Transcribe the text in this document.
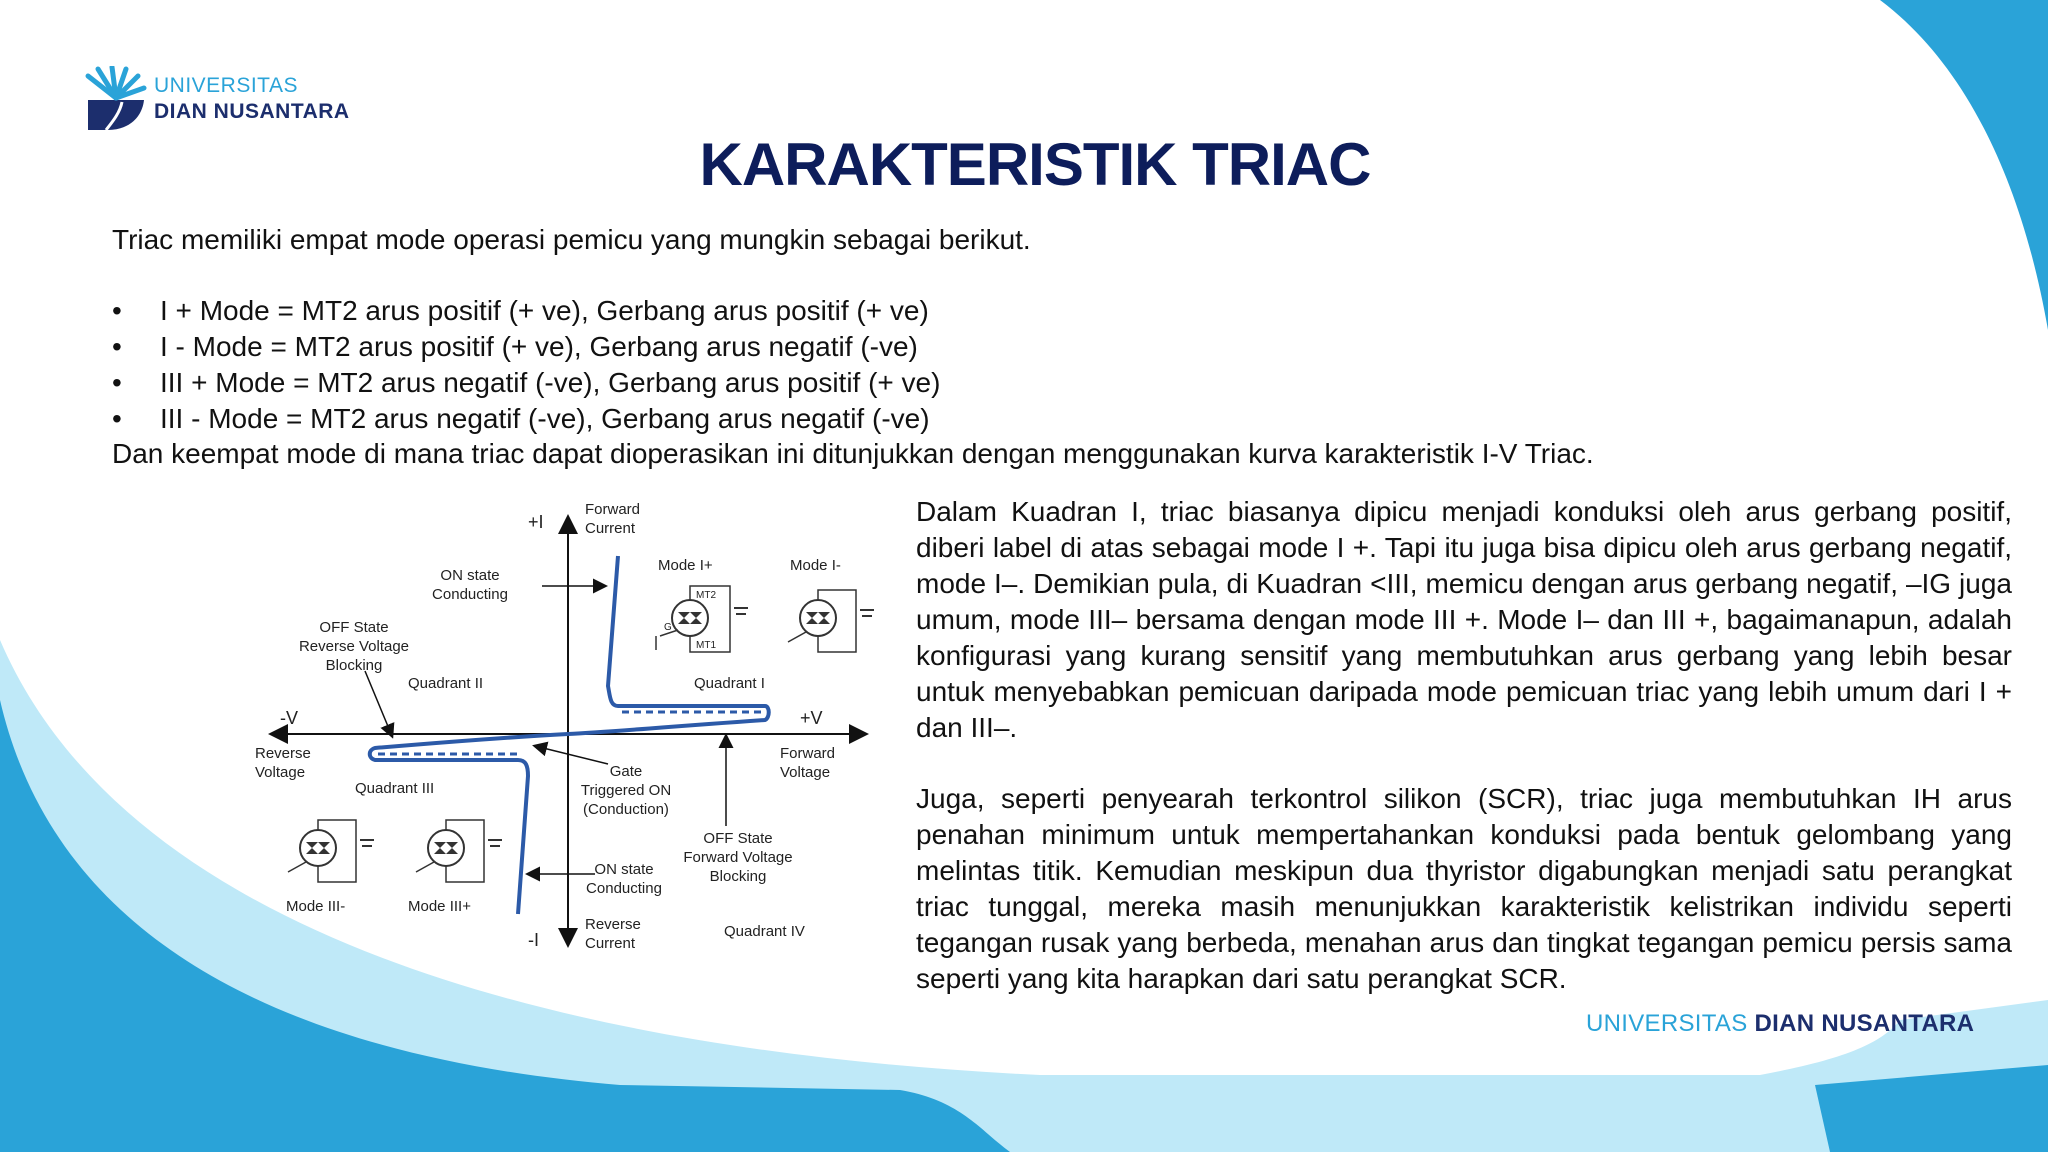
UNIVERSITAS
DIAN NUSANTARA
KARAKTERISTIK TRIAC
Triac memiliki empat mode operasi pemicu yang mungkin sebagai berikut.
• I + Mode = MT2 arus positif (+ ve), Gerbang arus positif (+ ve)
• I - Mode = MT2 arus positif (+ ve), Gerbang arus negatif (-ve)
• III + Mode = MT2 arus negatif (-ve), Gerbang arus positif (+ ve)
• III - Mode = MT2 arus negatif (-ve), Gerbang arus negatif (-ve)
Dan keempat mode di mana triac dapat dioperasikan ini ditunjukkan dengan menggunakan kurva karakteristik I-V Triac.
+I
-I
+V
-V
Forward
Current
Reverse
Current
Forward
Voltage
Reverse
Voltage
ON state
Conducting
OFF State
Reverse Voltage
Blocking
OFF State
Forward Voltage
Blocking
Gate
Triggered ON
(Conduction)
ON state
Conducting
Quadrant I
Quadrant II
Quadrant III
Quadrant IV
Mode I+	Mode I-
Mode III-	Mode III+
MT2
MT1
G
Dalam Kuadran I, triac biasanya dipicu menjadi konduksi oleh arus gerbang positif, diberi label di atas sebagai mode I +. Tapi itu juga bisa dipicu oleh arus gerbang negatif, mode I–. Demikian pula, di Kuadran <III, memicu dengan arus gerbang negatif, –IG juga umum, mode III– bersama dengan mode III +. Mode I– dan III +, bagaimanapun, adalah konfigurasi yang kurang sensitif yang membutuhkan arus gerbang yang lebih besar untuk menyebabkan pemicuan daripada mode pemicuan triac yang lebih umum dari I + dan III–.
Juga, seperti penyearah terkontrol silikon (SCR), triac juga membutuhkan IH arus penahan minimum untuk mempertahankan konduksi pada bentuk gelombang yang melintas titik. Kemudian meskipun dua thyristor digabungkan menjadi satu perangkat triac tunggal, mereka masih menunjukkan karakteristik kelistrikan individu seperti tegangan rusak yang berbeda, menahan arus dan tingkat tegangan pemicu persis sama seperti yang kita harapkan dari satu perangkat SCR.
UNIVERSITAS DIAN NUSANTARA
